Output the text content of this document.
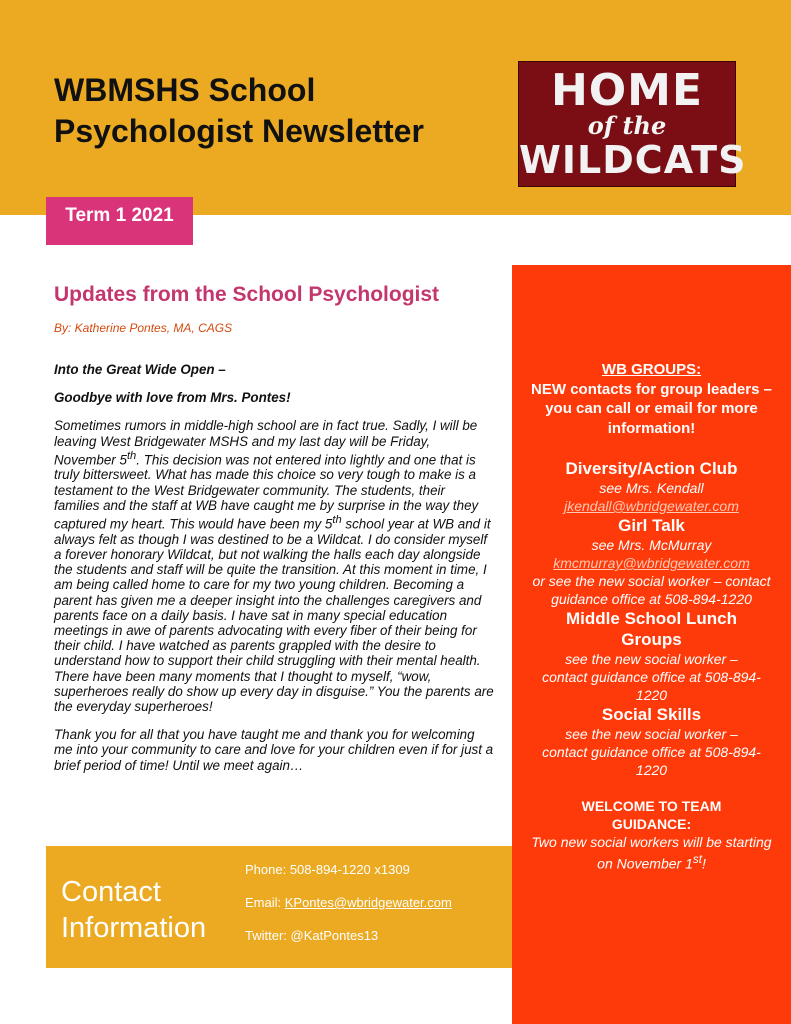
WBMSHS School Psychologist Newsletter
HOME
of the
WILDCATS
Term 1 2021
Updates from the School Psychologist
By: Katherine Pontes, MA, CAGS

Into the Great Wide Open –

Goodbye with love from Mrs. Pontes!

Sometimes rumors in middle-high school are in fact true. Sadly, I will be leaving West Bridgewater MSHS and my last day will be Friday, November 5th. This decision was not entered into lightly and one that is truly bittersweet. What has made this choice so very tough to make is a testament to the West Bridgewater community. The students, their families and the staff at WB have caught me by surprise in the way they captured my heart. This would have been my 5th school year at WB and it always felt as though I was destined to be a Wildcat. I do consider myself a forever honorary Wildcat, but not walking the halls each day alongside the students and staff will be quite the transition. At this moment in time, I am being called home to care for my two young children. Becoming a parent has given me a deeper insight into the challenges caregivers and parents face on a daily basis. I have sat in many special education meetings in awe of parents advocating with every fiber of their being for their child. I have watched as parents grappled with the desire to understand how to support their child struggling with their mental health. There have been many moments that I thought to myself, “wow, superheroes really do show up every day in disguise.” You the parents are the everyday superheroes!

Thank you for all that you have taught me and thank you for welcoming me into your community to care and love for your children even if for just a brief period of time! Until we meet again…

Contact Information
Phone: 508-894-1220 x1309
Email: KPontes@wbridgewater.com
Twitter: @KatPontes13
WB GROUPS:
NEW contacts for group leaders – you can call or email for more information!

Diversity/Action Club

see Mrs. Kendall

jkendall@wbridgewater.com

Girl Talk

see Mrs. McMurray

kmcmurray@wbridgewater.com

or see the new social worker – contact guidance office at 508-894-1220

Middle School Lunch Groups

see the new social worker – contact guidance office at 508-894-1220

Social Skills

see the new social worker – contact guidance office at 508-894-1220

WELCOME TO TEAM GUIDANCE:

Two new social workers will be starting on November 1st!
